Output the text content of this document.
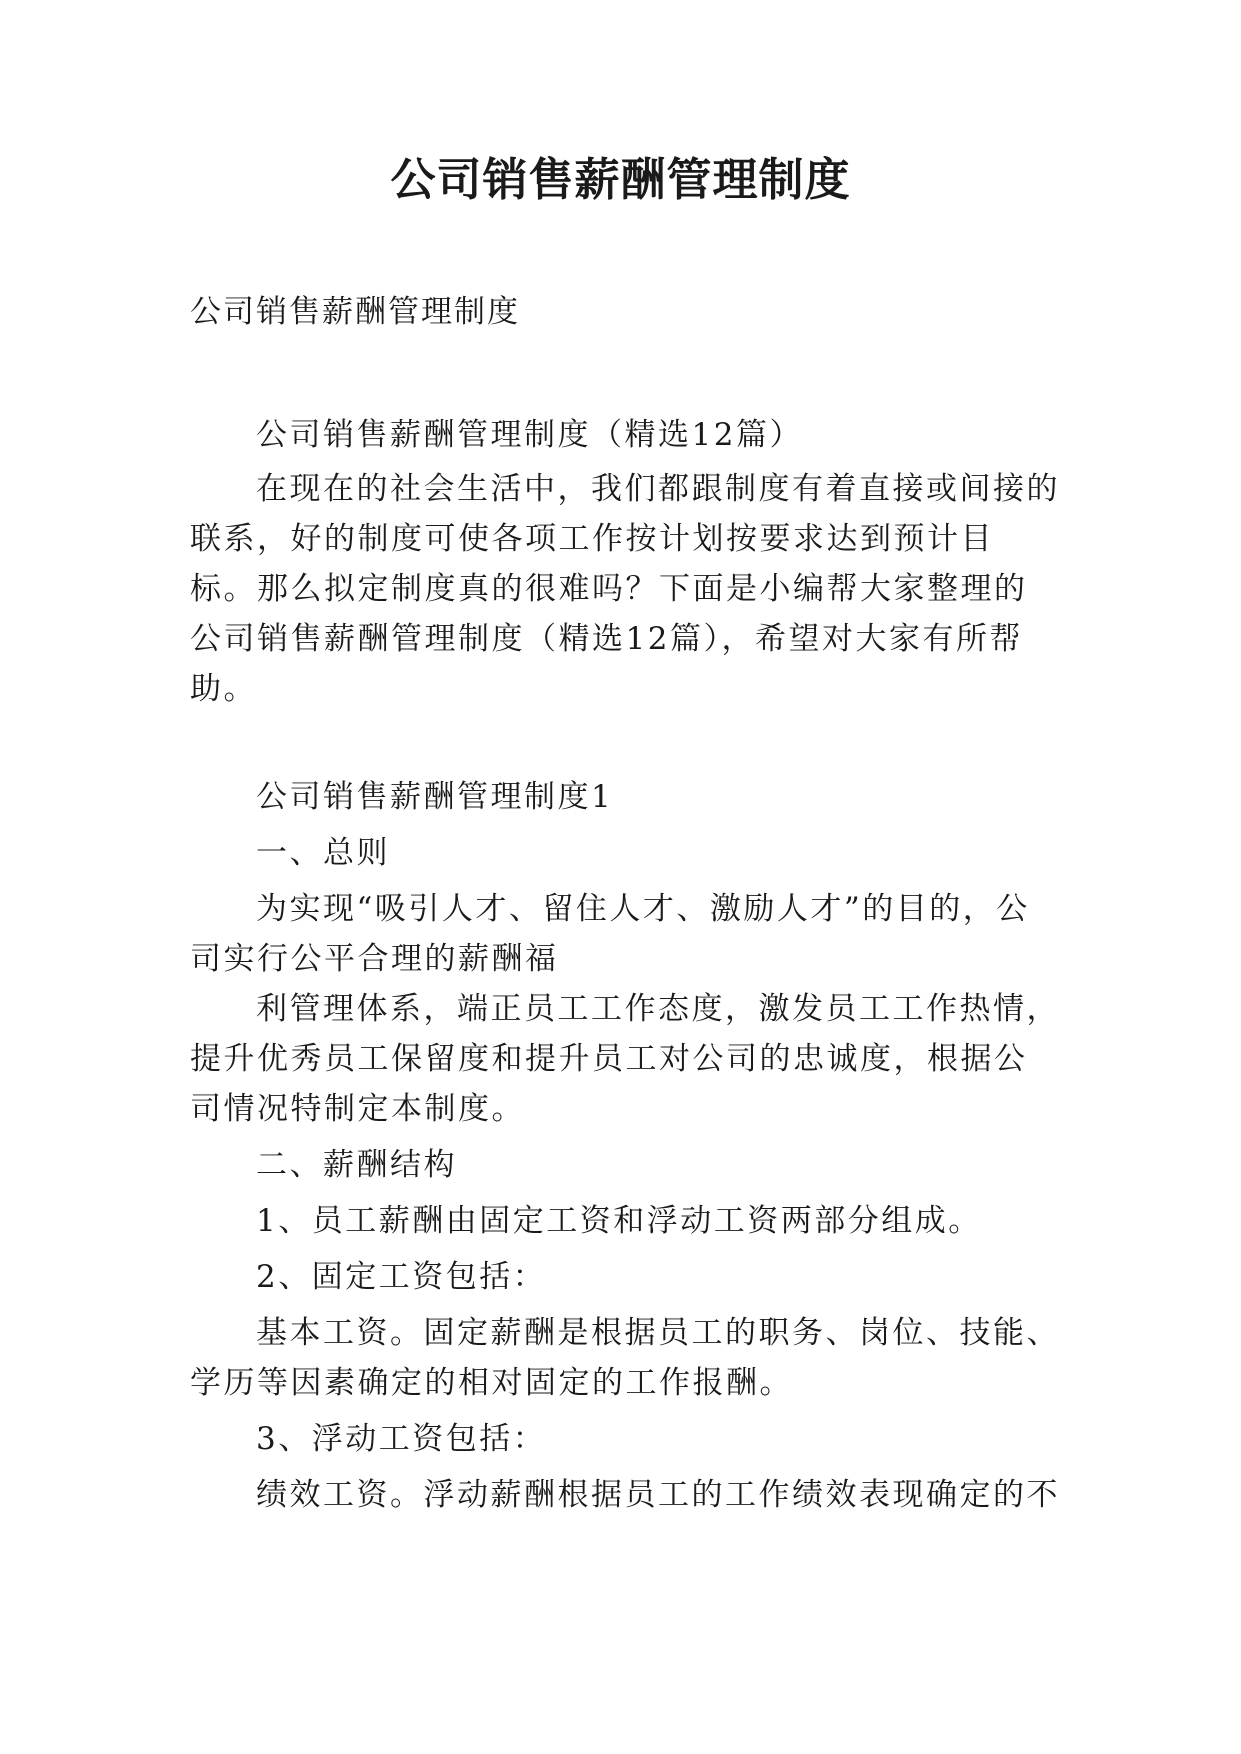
公司销售薪酬管理制度

公司销售薪酬管理制度

公司销售薪酬管理制度（精选12篇）

在现在的社会生活中，我们都跟制度有着直接或间接的联系，好的制度可使各项工作按计划按要求达到预计目标。那么拟定制度真的很难吗？下面是小编帮大家整理的公司销售薪酬管理制度（精选12篇），希望对大家有所帮助。

公司销售薪酬管理制度1

一、总则

为实现“吸引人才、留住人才、激励人才”的目的，公司实行公平合理的薪酬福

利管理体系，端正员工工作态度，激发员工工作热情，提升优秀员工保留度和提升员工对公司的忠诚度，根据公司情况特制定本制度。

二、薪酬结构

1、员工薪酬由固定工资和浮动工资两部分组成。

2、固定工资包括：

基本工资。固定薪酬是根据员工的职务、岗位、技能、学历等因素确定的相对固定的工作报酬。

3、浮动工资包括：

绩效工资。浮动薪酬根据员工的工作绩效表现确定的不
